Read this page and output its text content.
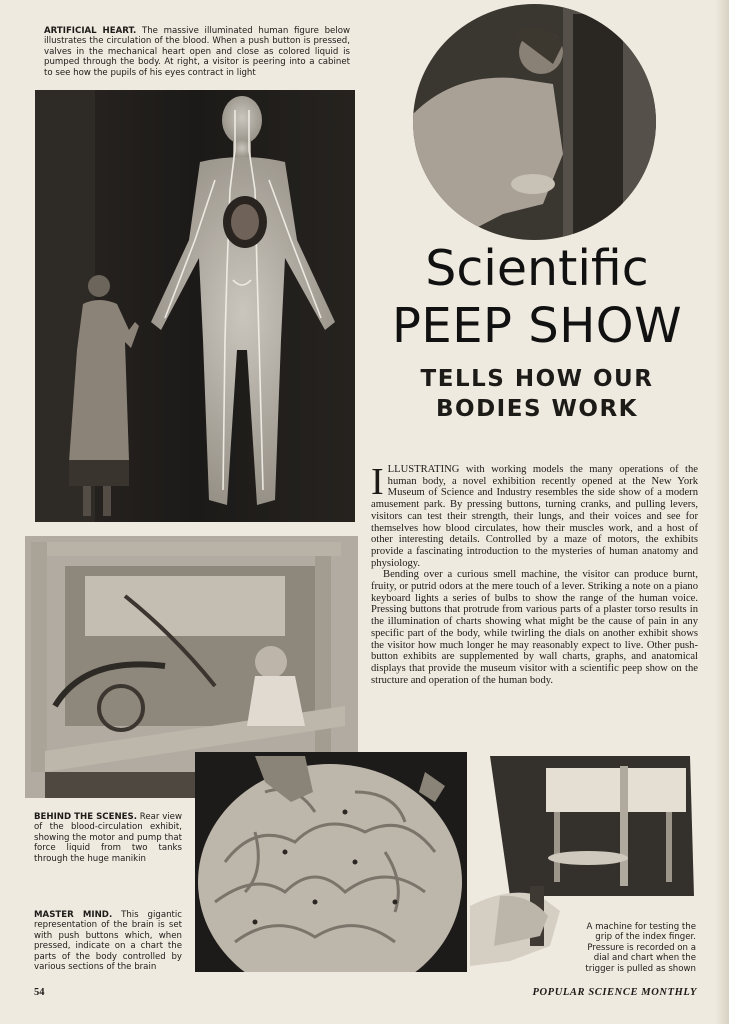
ARTIFICIAL HEART. The massive illuminated human figure below illustrates the circulation of the blood. When a push button is pressed, valves in the mechanical heart open and close as colored liquid is pumped through the body. At right, a visitor is peering into a cabinet to see how the pupils of his eyes contract in light

Scientific
PEEP SHOW
TELLS HOW OUR
BODIES WORK

ILLUSTRATING with working models the many operations of the human body, a novel exhibition recently opened at the New York Museum of Science and Industry resembles the side show of a modern amusement park. By pressing buttons, turning cranks, and pulling levers, visitors can test their strength, their lungs, and their voices and see for themselves how blood circulates, how their muscles work, and a host of other interesting details. Controlled by a maze of motors, the exhibits provide a fascinating introduction to the mysteries of human anatomy and physiology.

Bending over a curious smell machine, the visitor can produce burnt, fruity, or putrid odors at the mere touch of a lever. Striking a note on a piano keyboard lights a series of bulbs to show the range of the human voice. Pressing buttons that protrude from various parts of a plaster torso results in the illumination of charts showing what might be the cause of pain in any specific part of the body, while twirling the dials on another exhibit shows the visitor how much longer he may reasonably expect to live. Other push-button exhibits are supplemented by wall charts, graphs, and anatomical displays that provide the museum visitor with a scientific peep show on the structure and operation of the human body.

BEHIND THE SCENES. Rear view of the blood-circulation exhibit, showing the motor and pump that force liquid from two tanks through the huge manikin

MASTER MIND. This gigantic representation of the brain is set with push buttons which, when pressed, indicate on a chart the parts of the body controlled by various sections of the brain

A machine for testing the grip of the index finger. Pressure is recorded on a dial and chart when the trigger is pulled as shown

54	POPULAR SCIENCE MONTHLY
